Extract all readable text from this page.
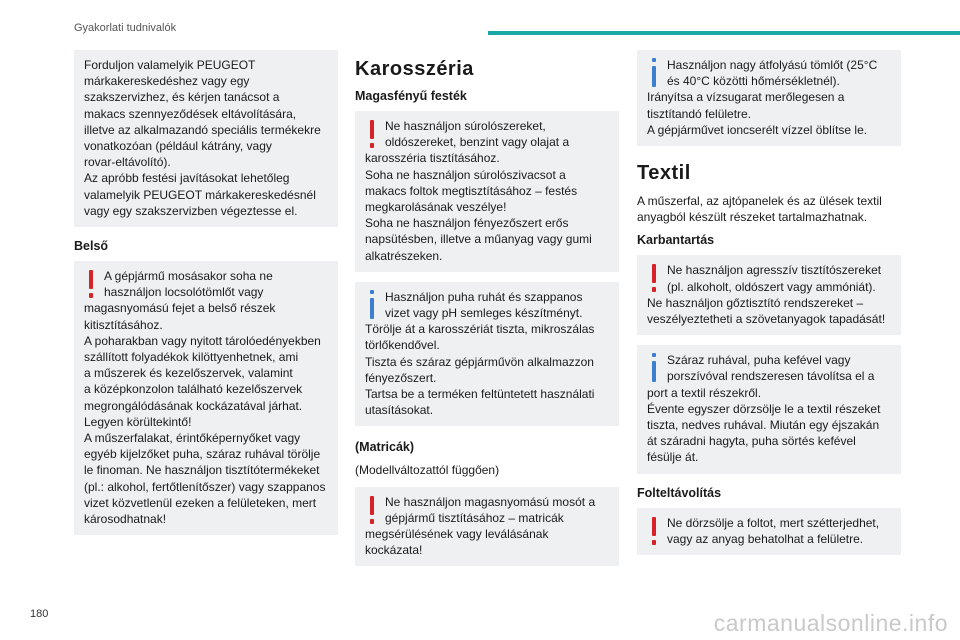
Gyakorlati tudnivalók

Forduljon valamelyik PEUGEOT
márkakereskedéshez vagy egy
szakszervizhez, és kérjen tanácsot a
makacs szennyeződések eltávolítására,
illetve az alkalmazandó speciális termékekre
vonatkozóan (például kátrány, vagy
rovar-eltávolító).
Az apróbb festési javításokat lehetőleg
valamelyik PEUGEOT márkakereskedésnél
vagy egy szakszervizben végeztesse el.

Belső

A gépjármű mosásakor soha ne
használjon locsolótömlőt vagy
magasnyomású fejet a belső részek
kitisztításához.
A poharakban vagy nyitott tárolóedényekben
szállított folyadékok kilöttyenhetnek, ami
a műszerek és kezelőszervek, valamint
a középkonzolon található kezelőszervek
megrongálódásának kockázatával járhat.
Legyen körültekintő!
A műszerfalakat, érintőképernyőket vagy
egyéb kijelzőket puha, száraz ruhával törölje
le finoman. Ne használjon tisztítótermékeket
(pl.: alkohol, fertőtlenítőszer) vagy szappanos
vizet közvetlenül ezeken a felületeken, mert
károsodhatnak!

Karosszéria
Magasfényű festék

Ne használjon súrolószereket,
oldószereket, benzint vagy olajat a
karosszéria tisztításához.
Soha ne használjon súrolószivacsot a
makacs foltok megtisztításához – festés
megkarolásának veszélye!
Soha ne használjon fényezőszert erős
napsütésben, illetve a műanyag vagy gumi
alkatrészeken.

Használjon puha ruhát és szappanos
vizet vagy pH semleges készítményt.
Törölje át a karosszériát tiszta, mikroszálas
törlőkendővel.
Tiszta és száraz gépjárművön alkalmazzon
fényezőszert.
Tartsa be a terméken feltüntetett használati
utasításokat.

(Matricák)
(Modellváltozattól függően)

Ne használjon magasnyomású mosót a
gépjármű tisztításához – matricák
megsérülésének vagy leválásának kockázata!

Használjon nagy átfolyású tömlőt (25°C
és 40°C közötti hőmérsékletnél).
Irányítsa a vízsugarat merőlegesen a
tisztítandó felületre.
A gépjárművet ioncserélt vízzel öblítse le.

Textil
A műszerfal, az ajtópanelek és az ülések textil
anyagból készült részeket tartalmazhatnak.
Karbantartás

Ne használjon agresszív tisztítószereket
(pl. alkoholt, oldószert vagy ammóniát).
Ne használjon gőztisztító rendszereket –
veszélyeztetheti a szövetanyagok tapadását!

Száraz ruhával, puha kefével vagy
porszívóval rendszeresen távolítsa el a
port a textil részekről.
Évente egyszer dörzsölje le a textil részeket
tiszta, nedves ruhával. Miután egy éjszakán
át száradni hagyta, puha sörtés kefével
fésülje át.

Folteltávolítás

Ne dörzsölje a foltot, mert szétterjedhet,
vagy az anyag behatolhat a felületre.

180	carmanualsonline.info
